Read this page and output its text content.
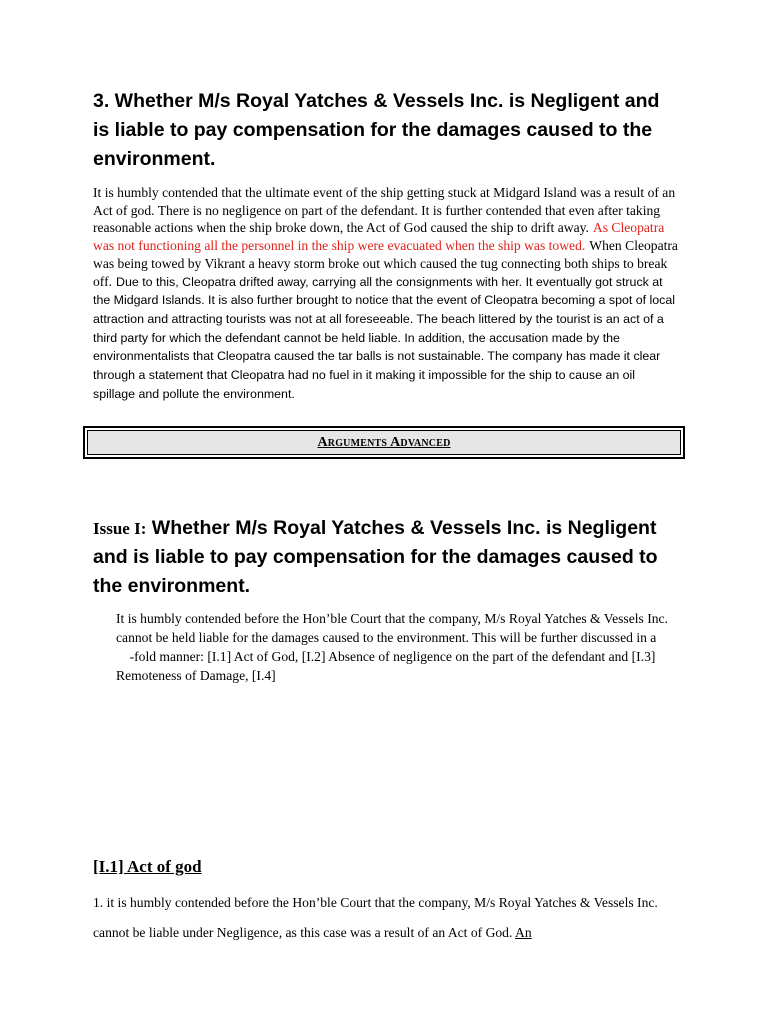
3. Whether M/s Royal Yatches & Vessels Inc. is Negligent and is liable to pay compensation for the damages caused to the environment.

It is humbly contended that the ultimate event of the ship getting stuck at Midgard Island was a result of an Act of god. There is no negligence on part of the defendant. It is further contended that even after taking reasonable actions when the ship broke down, the Act of God caused the ship to drift away. As Cleopatra was not functioning all the personnel in the ship were evacuated when the ship was towed. When Cleopatra was being towed by Vikrant a heavy storm broke out which caused the tug connecting both ships to break off. Due to this, Cleopatra drifted away, carrying all the consignments with her. It eventually got struck at the Midgard Islands. It is also further brought to notice that the event of Cleopatra becoming a spot of local attraction and attracting tourists was not at all foreseeable. The beach littered by the tourist is an act of a third party for which the defendant cannot be held liable. In addition, the accusation made by the environmentalists that Cleopatra caused the tar balls is not sustainable. The company has made it clear through a statement that Cleopatra had no fuel in it making it impossible for the ship to cause an oil spillage and pollute the environment.

Arguments Advanced
Issue I: Whether M/s Royal Yatches & Vessels Inc. is Negligent and is liable to pay compensation for the damages caused to the environment.

It is humbly contended before the Hon’ble Court that the company, M/s Royal Yatches & Vessels Inc. cannot be held liable for the damages caused to the environment. This will be further discussed in a     -fold manner: [I.1] Act of God, [I.2] Absence of negligence on the part of the defendant and [I.3] Remoteness of Damage, [I.4]

[I.1] Act of god

1. it is humbly contended before the Hon’ble Court that the company, M/s Royal Yatches & Vessels Inc. cannot be liable under Negligence, as this case was a result of an Act of God. An
